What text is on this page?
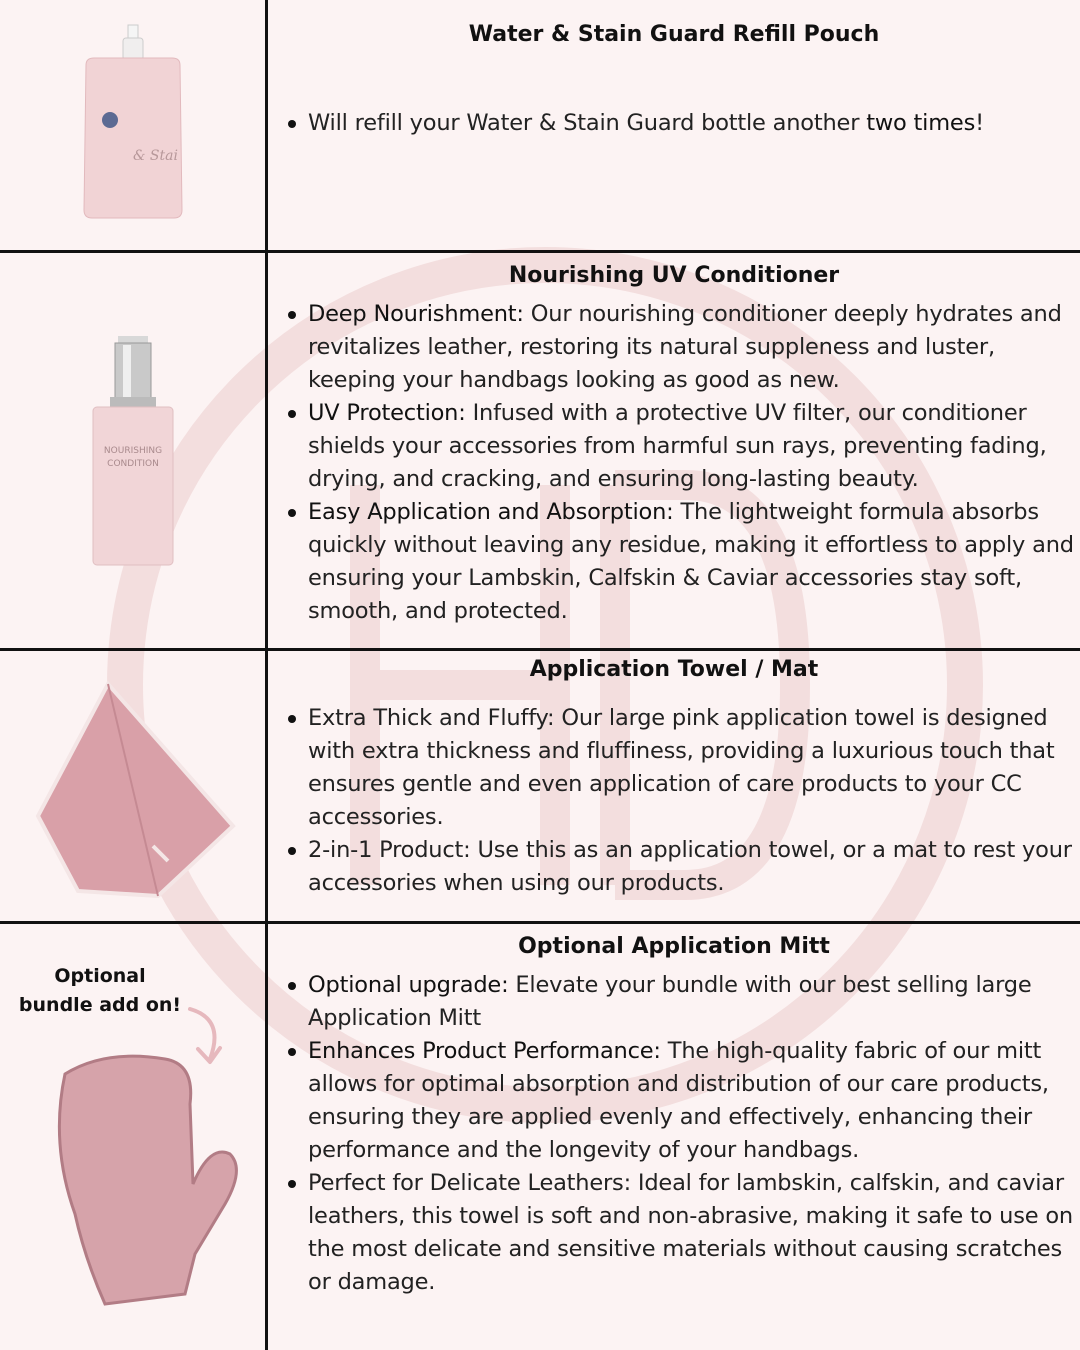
& Stai

Water & Stain Guard Refill Pouch

Will refill your Water & Stain Guard bottle another two times!
NOURISHING
CONDITION

Nourishing UV Conditioner

Deep Nourishment: Our nourishing conditioner deeply hydrates and revitalizes leather, restoring its natural suppleness and luster, keeping your handbags looking as good as new.
UV Protection: Infused with a protective UV filter, our conditioner shields your accessories from harmful sun rays, preventing fading, drying, and cracking, and ensuring long-lasting beauty.
Easy Application and Absorption: The lightweight formula absorbs quickly without leaving any residue, making it effortless to apply and ensuring your Lambskin, Calfskin & Caviar accessories stay soft, smooth, and protected.

Application Towel / Mat

Extra Thick and Fluffy: Our large pink application towel is designed with extra thickness and fluffiness, providing a luxurious touch that ensures gentle and even application of care products to your CC accessories.
2-in-1 Product: Use this as an application towel, or a mat to rest your accessories when using our products.
Optional
bundle add on!

Optional Application Mitt

Optional upgrade: Elevate your bundle with our best selling large Application Mitt
Enhances Product Performance: The high-quality fabric of our mitt allows for optimal absorption and distribution of our care products, ensuring they are applied evenly and effectively, enhancing their performance and the longevity of your handbags.
Perfect for Delicate Leathers: Ideal for lambskin, calfskin, and caviar leathers, this towel is soft and non-abrasive, making it safe to use on the most delicate and sensitive materials without causing scratches or damage.
